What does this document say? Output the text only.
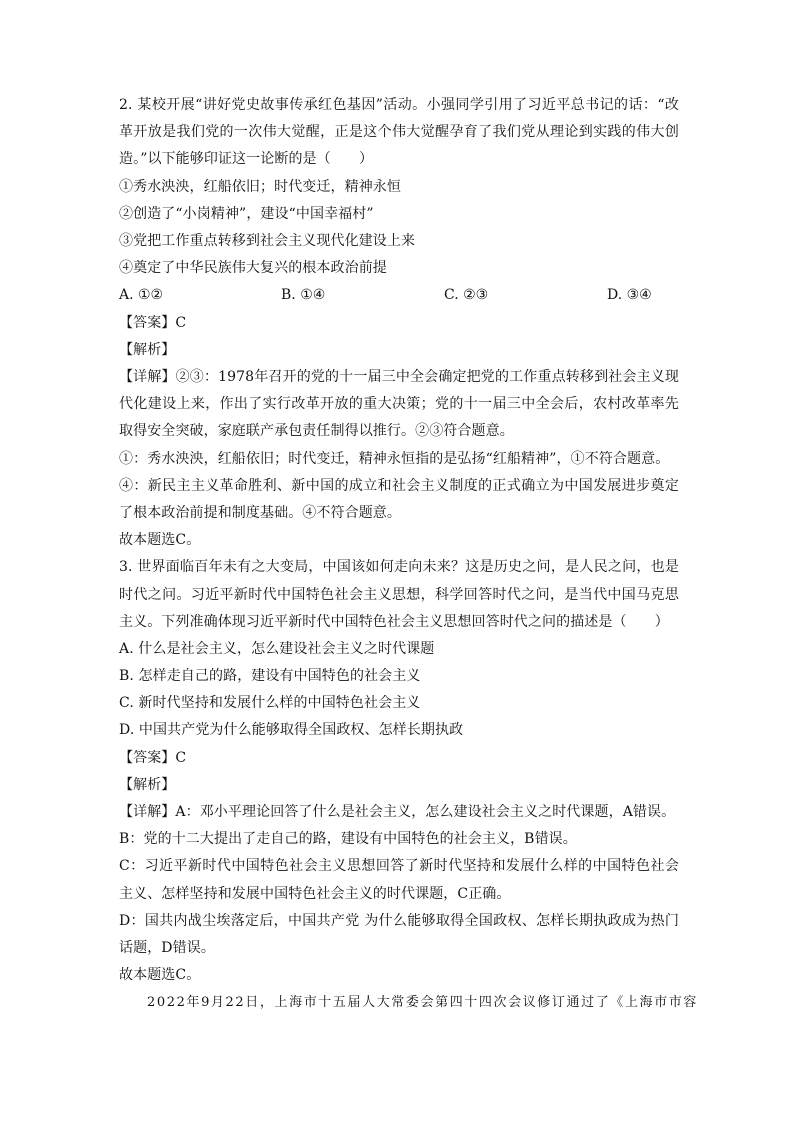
2. 某校开展“讲好党史故事传承红色基因”活动。小强同学引用了习近平总书记的话：“改革开放是我们党的一次伟大觉醒，正是这个伟大觉醒孕育了我们党从理论到实践的伟大创造。”以下能够印证这一论断的是（　　）
①秀水泱泱，红船依旧；时代变迁，精神永恒
②创造了“小岗精神”，建设“中国幸福村”
③党把工作重点转移到社会主义现代化建设上来
④奠定了中华民族伟大复兴的根本政治前提
A. ①②	B. ①④	C. ②③	D. ③④
【答案】C
【解析】
【详解】②③：1978年召开的党的十一届三中全会确定把党的工作重点转移到社会主义现代化建设上来，作出了实行改革开放的重大决策；党的十一届三中全会后，农村改革率先取得安全突破，家庭联产承包责任制得以推行。②③符合题意。
①：秀水泱泱，红船依旧；时代变迁，精神永恒指的是弘扬“红船精神”，①不符合题意。
④：新民主主义革命胜利、新中国的成立和社会主义制度的正式确立为中国发展进步奠定了根本政治前提和制度基础。④不符合题意。
故本题选C。
3. 世界面临百年未有之大变局，中国该如何走向未来？这是历史之问，是人民之问，也是时代之问。习近平新时代中国特色社会主义思想，科学回答时代之问，是当代中国马克思主义。下列准确体现习近平新时代中国特色社会主义思想回答时代之问的描述是（　　）
A. 什么是社会主义，怎么建设社会主义之时代课题
B. 怎样走自己的路，建设有中国特色的社会主义
C. 新时代坚持和发展什么样的中国特色社会主义
D. 中国共产党为什么能够取得全国政权、怎样长期执政
【答案】C
【解析】
【详解】A：邓小平理论回答了什么是社会主义，怎么建设社会主义之时代课题，A错误。
B：党的十二大提出了走自己的路，建设有中国特色的社会主义，B错误。
C：习近平新时代中国特色社会主义思想回答了新时代坚持和发展什么样的中国特色社会主义、怎样坚持和发展中国特色社会主义的时代课题，C正确。
D：国共内战尘埃落定后，中国共产党 为什么能够取得全国政权、怎样长期执政成为热门话题，D错误。
故本题选C。
2022年9月22日，上海市十五届人大常委会第四十四次会议修订通过了《上海市市容
